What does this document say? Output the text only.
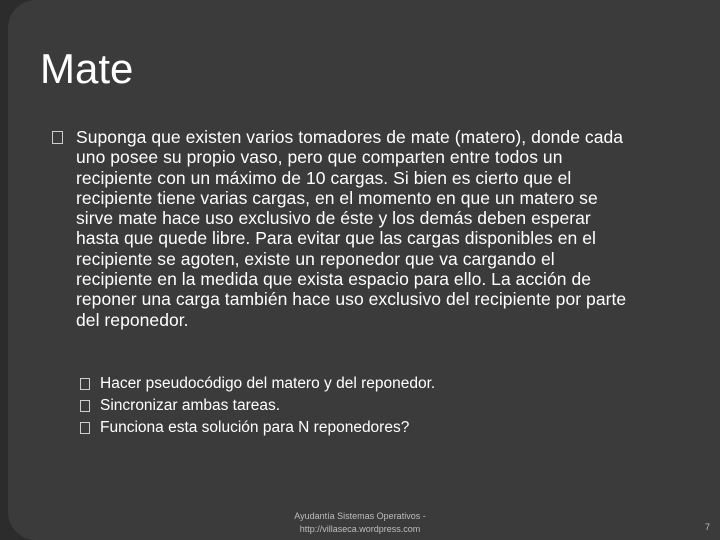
Mate
Suponga que existen varios tomadores de mate (matero), donde cada uno posee su propio vaso, pero que comparten entre todos un recipiente con un máximo de 10 cargas. Si bien es cierto que el recipiente tiene varias cargas, en el momento en que un matero se sirve mate hace uso exclusivo de éste y los demás deben esperar hasta que quede libre. Para evitar que las cargas disponibles en el recipiente se agoten, existe un reponedor que va cargando el recipiente en la medida que exista espacio para ello. La acción de reponer una carga también hace uso exclusivo del recipiente por parte del reponedor.
Hacer pseudocódigo del matero y del reponedor.
Sincronizar ambas tareas.
Funciona esta solución para N reponedores?
Ayudantía Sistemas Operativos -
http://villaseca.wordpress.com	7
